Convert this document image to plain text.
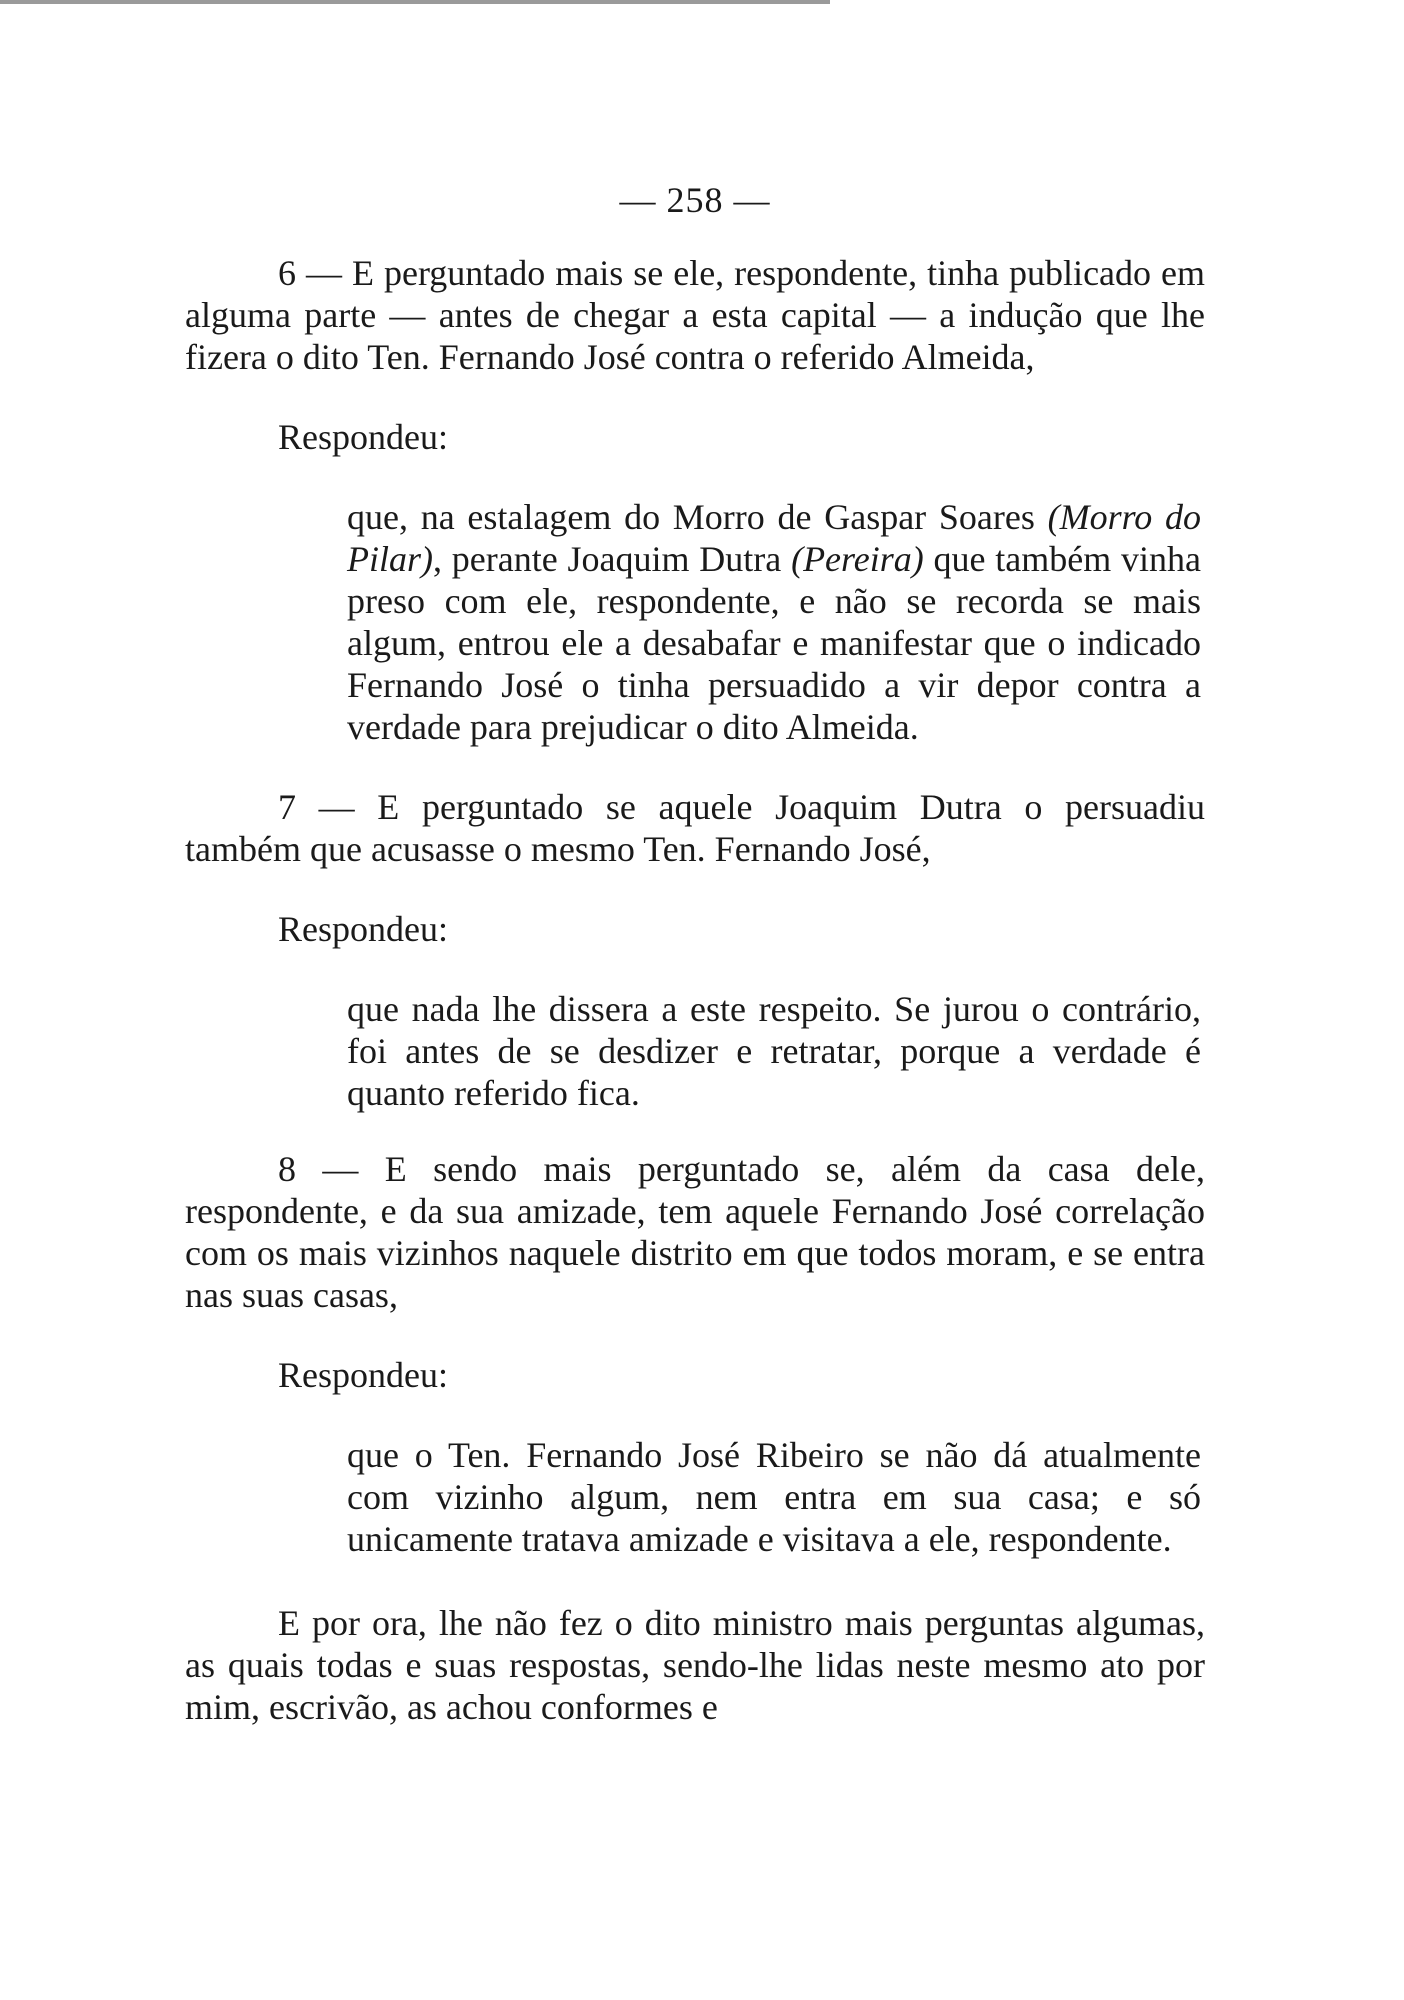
— 258 —

6 — E perguntado mais se ele, respondente, tinha publicado em alguma parte — antes de chegar a esta capital — a indução que lhe fizera o dito Ten. Fernando José contra o referido Almeida,

Respondeu:

que, na estalagem do Morro de Gaspar Soares (Morro do Pilar), perante Joaquim Dutra (Pereira) que também vinha preso com ele, respondente, e não se recorda se mais algum, entrou ele a desabafar e manifestar que o indicado Fernando José o tinha persuadido a vir depor contra a verdade para prejudicar o dito Almeida.

7 — E perguntado se aquele Joaquim Dutra o persuadiu também que acusasse o mesmo Ten. Fernando José,

Respondeu:

que nada lhe dissera a este respeito. Se jurou o contrário, foi antes de se desdizer e retratar, porque a verdade é quanto referido fica.

8 — E sendo mais perguntado se, além da casa dele, respondente, e da sua amizade, tem aquele Fernando José correlação com os mais vizinhos naquele distrito em que todos moram, e se entra nas suas casas,

Respondeu:

que o Ten. Fernando José Ribeiro se não dá atualmente com vizinho algum, nem entra em sua casa; e só unicamente tratava amizade e visitava a ele, respondente.

E por ora, lhe não fez o dito ministro mais perguntas algumas, as quais todas e suas respostas, sendo-lhe lidas neste mesmo ato por mim, escrivão, as achou conformes e
